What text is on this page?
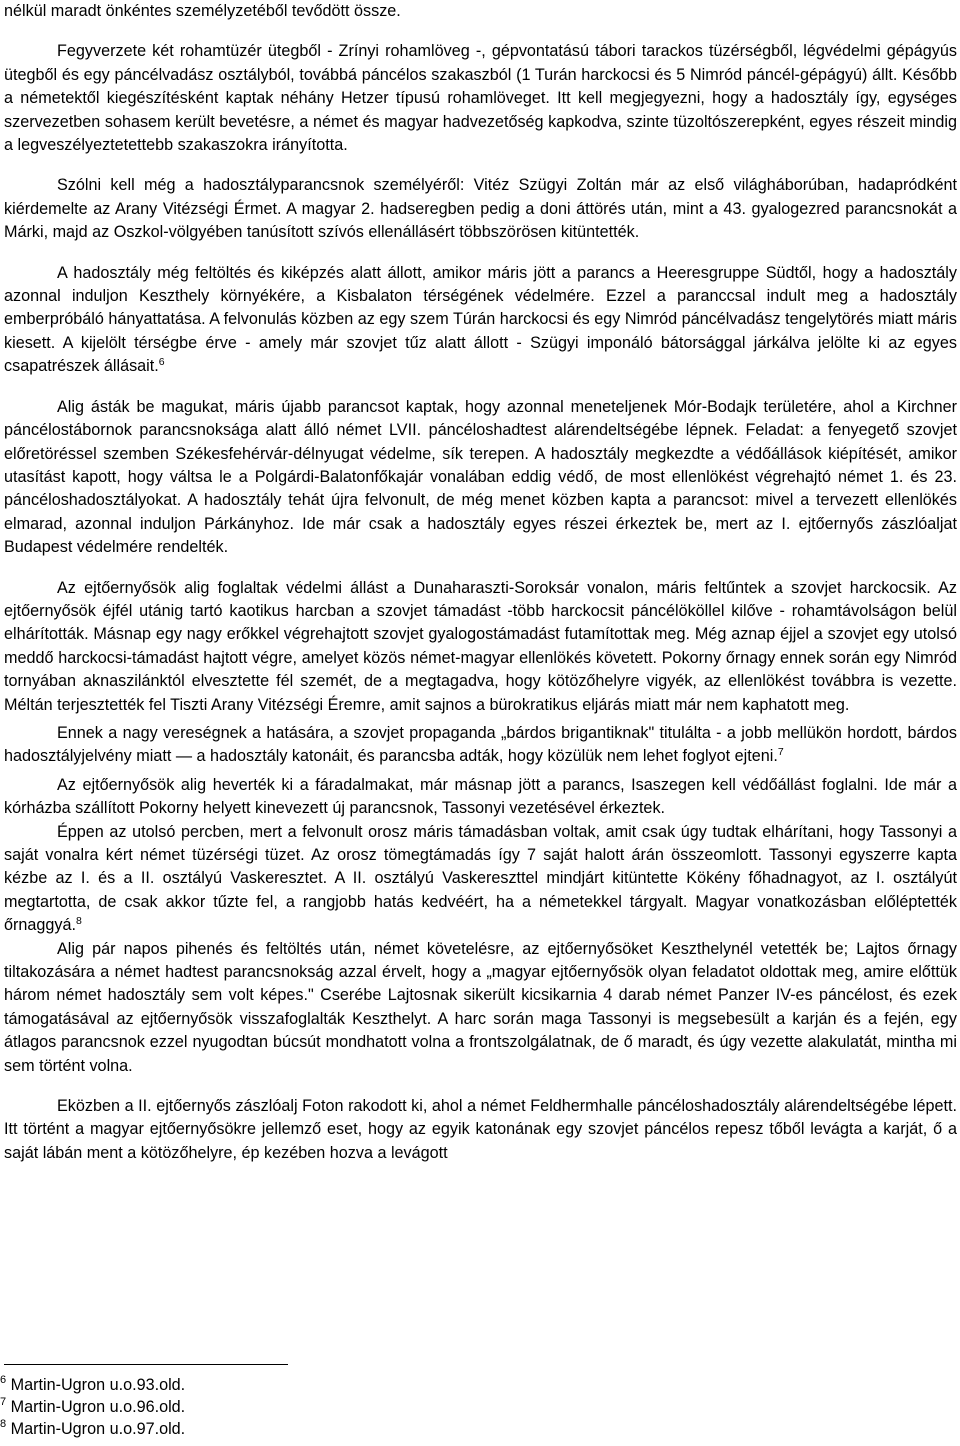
nélkül maradt önkéntes személyzetéből tevődött össze.

Fegyverzete két rohamtüzér ütegből - Zrínyi rohamlöveg -, gépvontatású tábori tarackos tüzérségből, légvédelmi gépágyús ütegből és egy páncélvadász osztályból, továbbá páncélos szakaszból (1 Turán harckocsi és 5 Nimród páncél-gépágyú) állt. Később a németektől kiegészítésként kaptak néhány Hetzer típusú rohamlöveget. Itt kell megjegyezni, hogy a hadosztály így, egységes szervezetben sohasem került bevetésre, a német és magyar hadvezetőség kapkodva, szinte tüzoltószerepként, egyes részeit mindig a legveszélyeztetettebb szakaszokra irányította.

Szólni kell még a hadosztályparancsnok személyéről: Vitéz Szügyi Zoltán már az első világháborúban, hadapródként kiérdemelte az Arany Vitézségi Érmet. A magyar 2. hadseregben pedig a doni áttörés után, mint a 43. gyalogezred parancsnokát a Márki, majd az Oszkol-völgyében tanúsított szívós ellenállásért többszörösen kitüntették.

A hadosztály még feltöltés és kiképzés alatt állott, amikor máris jött a parancs a Heeresgruppe Südtől, hogy a hadosztály azonnal induljon Keszthely környékére, a Kisbalaton térségének védelmére. Ezzel a paranccsal indult meg a hadosztály emberpróbáló hányattatása. A felvonulás közben az egy szem Túrán harckocsi és egy Nimród páncélvadász tengelytörés miatt máris kiesett. A kijelölt térségbe érve - amely már szovjet tűz alatt állott - Szügyi imponáló bátorsággal járkálva jelölte ki az egyes csapatrészek állásait.$^6$

Alig ásták be magukat, máris újabb parancsot kaptak, hogy azonnal meneteljenek Mór-Bodajk területére, ahol a Kirchner páncélostábornok parancsnoksága alatt álló német LVII. páncéloshadtest alárendeltségébe lépnek. Feladat: a fenyegető szovjet előretöréssel szemben Székesfehérvár-délnyugat védelme, sík terepen. A hadosztály megkezdte a védőállások kiépítését, amikor utasítást kapott, hogy váltsa le a Polgárdi-Balatonfőkajár vonalában eddig védő, de most ellenlökést végrehajtó német 1. és 23. páncéloshadosztályokat. A hadosztály tehát újra felvonult, de még menet közben kapta a parancsot: mivel a tervezett ellenlökés elmarad, azonnal induljon Párkányhoz. Ide már csak a hadosztály egyes részei érkeztek be, mert az I. ejtőernyős zászlóaljat Budapest védelmére rendelték.

Az ejtőernyősök alig foglaltak védelmi állást a Dunaharaszti-Soroksár vonalon, máris feltűntek a szovjet harckocsik. Az ejtőernyősök éjfél utánig tartó kaotikus harcban a szovjet támadást -több harckocsit páncélököllel kilőve - rohamtávolságon belül elhárították. Másnap egy nagy erőkkel végrehajtott szovjet gyalogostámadást futamítottak meg. Még aznap éjjel a szovjet egy utolsó meddő harckocsi-támadást hajtott végre, amelyet közös német-magyar ellenlökés követett. Pokorny őrnagy ennek során egy Nimród tornyában aknaszilánktól elvesztette fél szemét, de a megtagadva, hogy kötözőhelyre vigyék, az ellenlökést továbbra is vezette. Méltán terjesztették fel Tiszti Arany Vitézségi Éremre, amit sajnos a bürokratikus eljárás miatt már nem kaphatott meg.

Ennek a nagy vereségnek a hatására, a szovjet propaganda „bárdos brigantiknak" titulálta - a jobb mellükön hordott, bárdos hadosztályjelvény miatt — a hadosztály katonáit, és parancsba adták, hogy közülük nem lehet foglyot ejteni.$^7$

Az ejtőernyősök alig heverték ki a fáradalmakat, már másnap jött a parancs, Isaszegen kell védőállást foglalni. Ide már a kórházba szállított Pokorny helyett kinevezett új parancsnok, Tassonyi vezetésével érkeztek.

Éppen az utolsó percben, mert a felvonult orosz máris támadásban voltak, amit csak úgy tudtak elhárítani, hogy Tassonyi a saját vonalra kért német tüzérségi tüzet. Az orosz tömegtámadás így 7 saját halott árán összeomlott. Tassonyi egyszerre kapta kézbe az I. és a II. osztályú Vaskeresztet. A II. osztályú Vaskereszttel mindjárt kitüntette Kökény főhadnagyot, az I. osztályút megtartotta, de csak akkor tűzte fel, a rangjobb hatás kedvéért, ha a németekkel tárgyalt. Magyar vonatkozásban előléptették őrnaggyá.$^8$

Alig pár napos pihenés és feltöltés után, német követelésre, az ejtőernyősöket Keszthelynél vetették be; Lajtos őrnagy tiltakozására a német hadtest parancsnokság azzal érvelt, hogy a „magyar ejtőernyősök olyan feladatot oldottak meg, amire előttük három német hadosztály sem volt képes." Cserébe Lajtosnak sikerült kicsikarnia 4 darab német Panzer IV-es páncélost, és ezek támogatásával az ejtőernyősök visszafoglalták Keszthelyt. A harc során maga Tassonyi is megsebesült a karján és a fején, egy átlagos parancsnok ezzel nyugodtan búcsút mondhatott volna a frontszolgálatnak, de ő maradt, és úgy vezette alakulatát, mintha mi sem történt volna.

Eközben a II. ejtőernyős zászlóalj Foton rakodott ki, ahol a német Feldhermhalle páncéloshadosztály alárendeltségébe lépett. Itt történt a magyar ejtőernyősökre jellemző eset, hogy az egyik katonának egy szovjet páncélos repesz tőből levágta a karját, ő a saját lábán ment a kötözőhelyre, ép kezében hozva a levágott

$^6$ Martin-Ugron u.o.93.old.
$^7$ Martin-Ugron u.o.96.old.
$^8$ Martin-Ugron u.o.97.old.
